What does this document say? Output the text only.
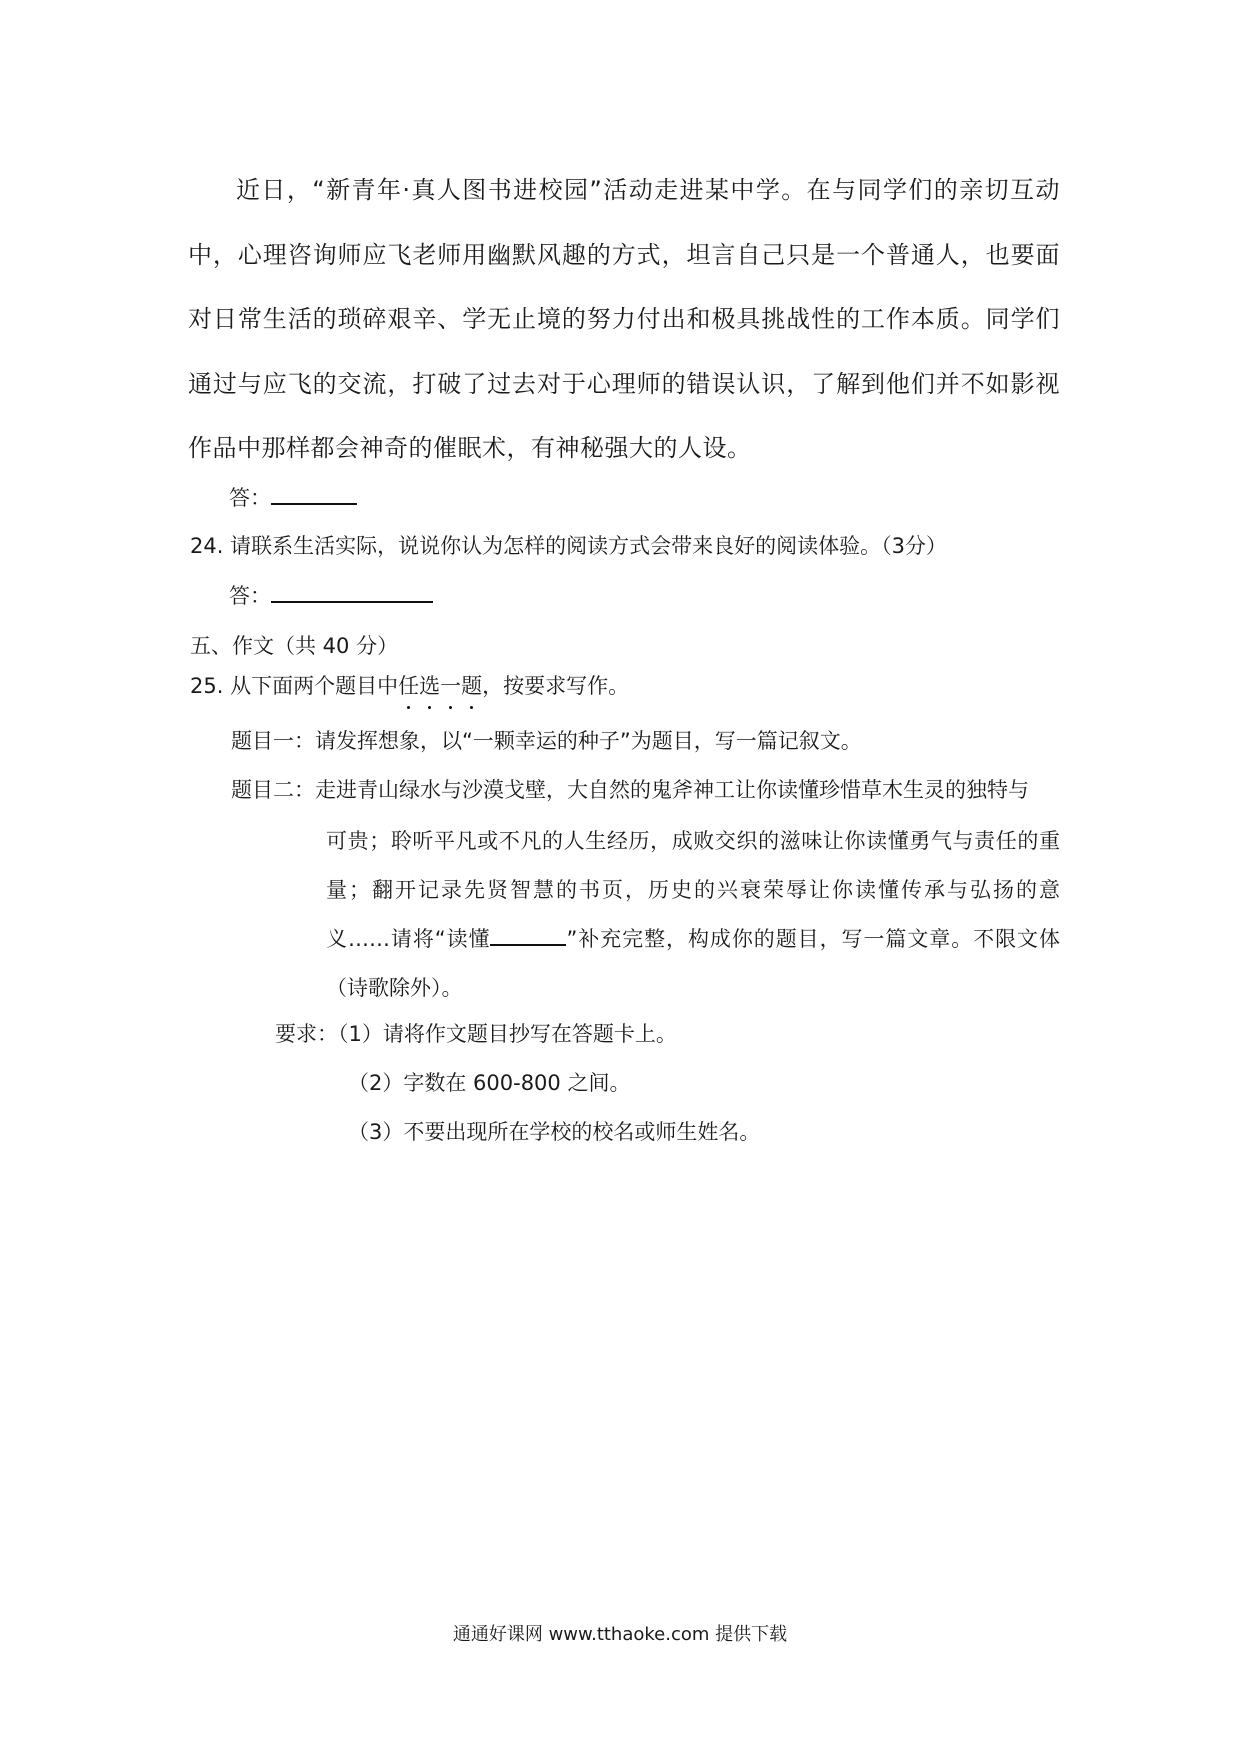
近日，“新青年·真人图书进校园”活动走进某中学。在与同学们的亲切互动中，心理咨询师应飞老师用幽默风趣的方式，坦言自己只是一个普通人，也要面对日常生活的琐碎艰辛、学无止境的努力付出和极具挑战性的工作本质。同学们通过与应飞的交流，打破了过去对于心理师的错误认识，了解到他们并不如影视作品中那样都会神奇的催眠术，有神秘强大的人设。
答：
24. 请联系生活实际，说说你认为怎样的阅读方式会带来良好的阅读体验。（3分）
答：
五、作文（共 40 分）
25. 从下面两个题目中任选一题，按要求写作。
题目一：请发挥想象，以“一颗幸运的种子”为题目，写一篇记叙文。
题目二：走进青山绿水与沙漠戈壁，大自然的鬼斧神工让你读懂珍惜草木生灵的独特与
可贵；聆听平凡或不凡的人生经历，成败交织的滋味让你读懂勇气与责任的重量；翻开记录先贤智慧的书页，历史的兴衰荣辱让你读懂传承与弘扬的意义……请将“读懂	”补充完整，构成你的题目，写一篇文章。不限文体（诗歌除外）。
要求：（1）请将作文题目抄写在答题卡上。
（2）字数在 600-800 之间。
（3）不要出现所在学校的校名或师生姓名。
通通好课网 www.tthaoke.com 提供下载
